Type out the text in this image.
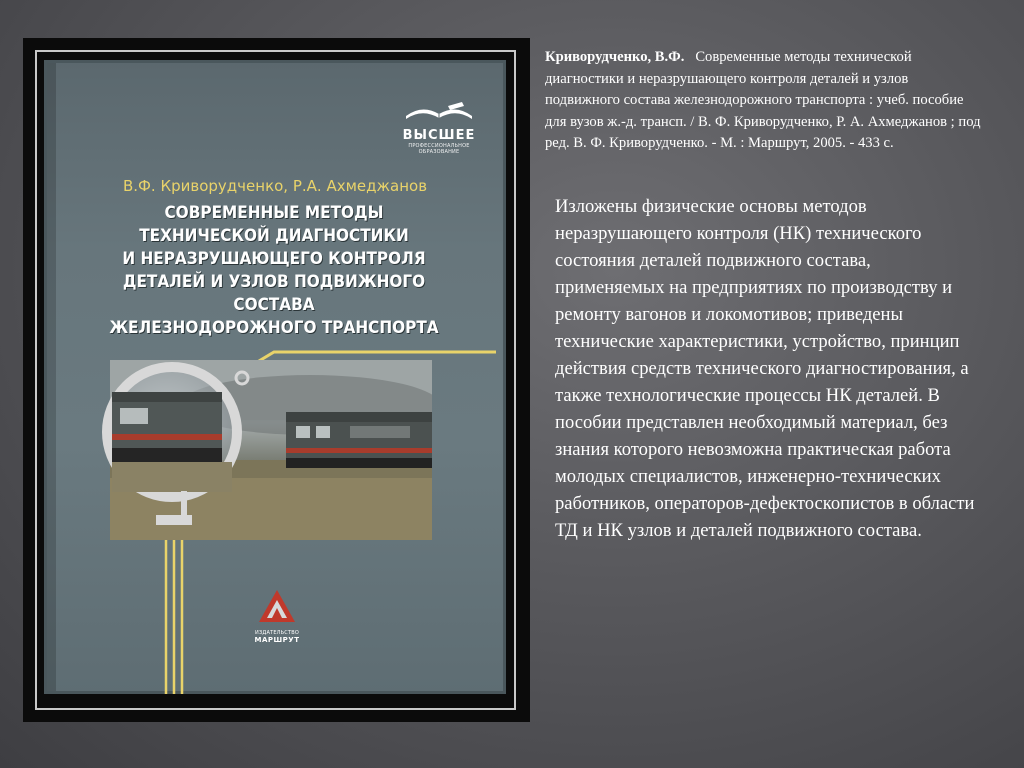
ВЫСШЕЕ
ПРОФЕССИОНАЛЬНОЕ ОБРАЗОВАНИЕ
В.Ф. Криворудченко, Р.А. Ахмеджанов
СОВРЕМЕННЫЕ МЕТОДЫ
ТЕХНИЧЕСКОЙ ДИАГНОСТИКИ
И НЕРАЗРУШАЮЩЕГО КОНТРОЛЯ
ДЕТАЛЕЙ И УЗЛОВ ПОДВИЖНОГО СОСТАВА
ЖЕЛЕЗНОДОРОЖНОГО ТРАНСПОРТА
ИЗДАТЕЛЬСТВО
МАРШРУТ
Криворудченко, В.Ф. Современные методы технической диагностики и неразрушающего контроля деталей и узлов подвижного состава железнодорожного транспорта : учеб. пособие для вузов ж.-д. трансп. / В. Ф. Криворудченко, Р. А. Ахмеджанов ; под ред. В. Ф. Криворудченко. - М. : Маршрут, 2005. - 433 с.
Изложены физические основы методов неразрушающего контроля (НК) технического состояния деталей подвижного состава, применяемых на предприятиях по производству и ремонту вагонов и локомотивов; приведены технические характеристики, устройство, принцип действия средств технического диагностирования, а также технологические процессы НК деталей. В пособии представлен необходимый материал, без знания которого невозможна практическая работа молодых специалистов, инженерно-технических работников, операторов-дефектоскопистов в области ТД и НК узлов и деталей подвижного состава.
